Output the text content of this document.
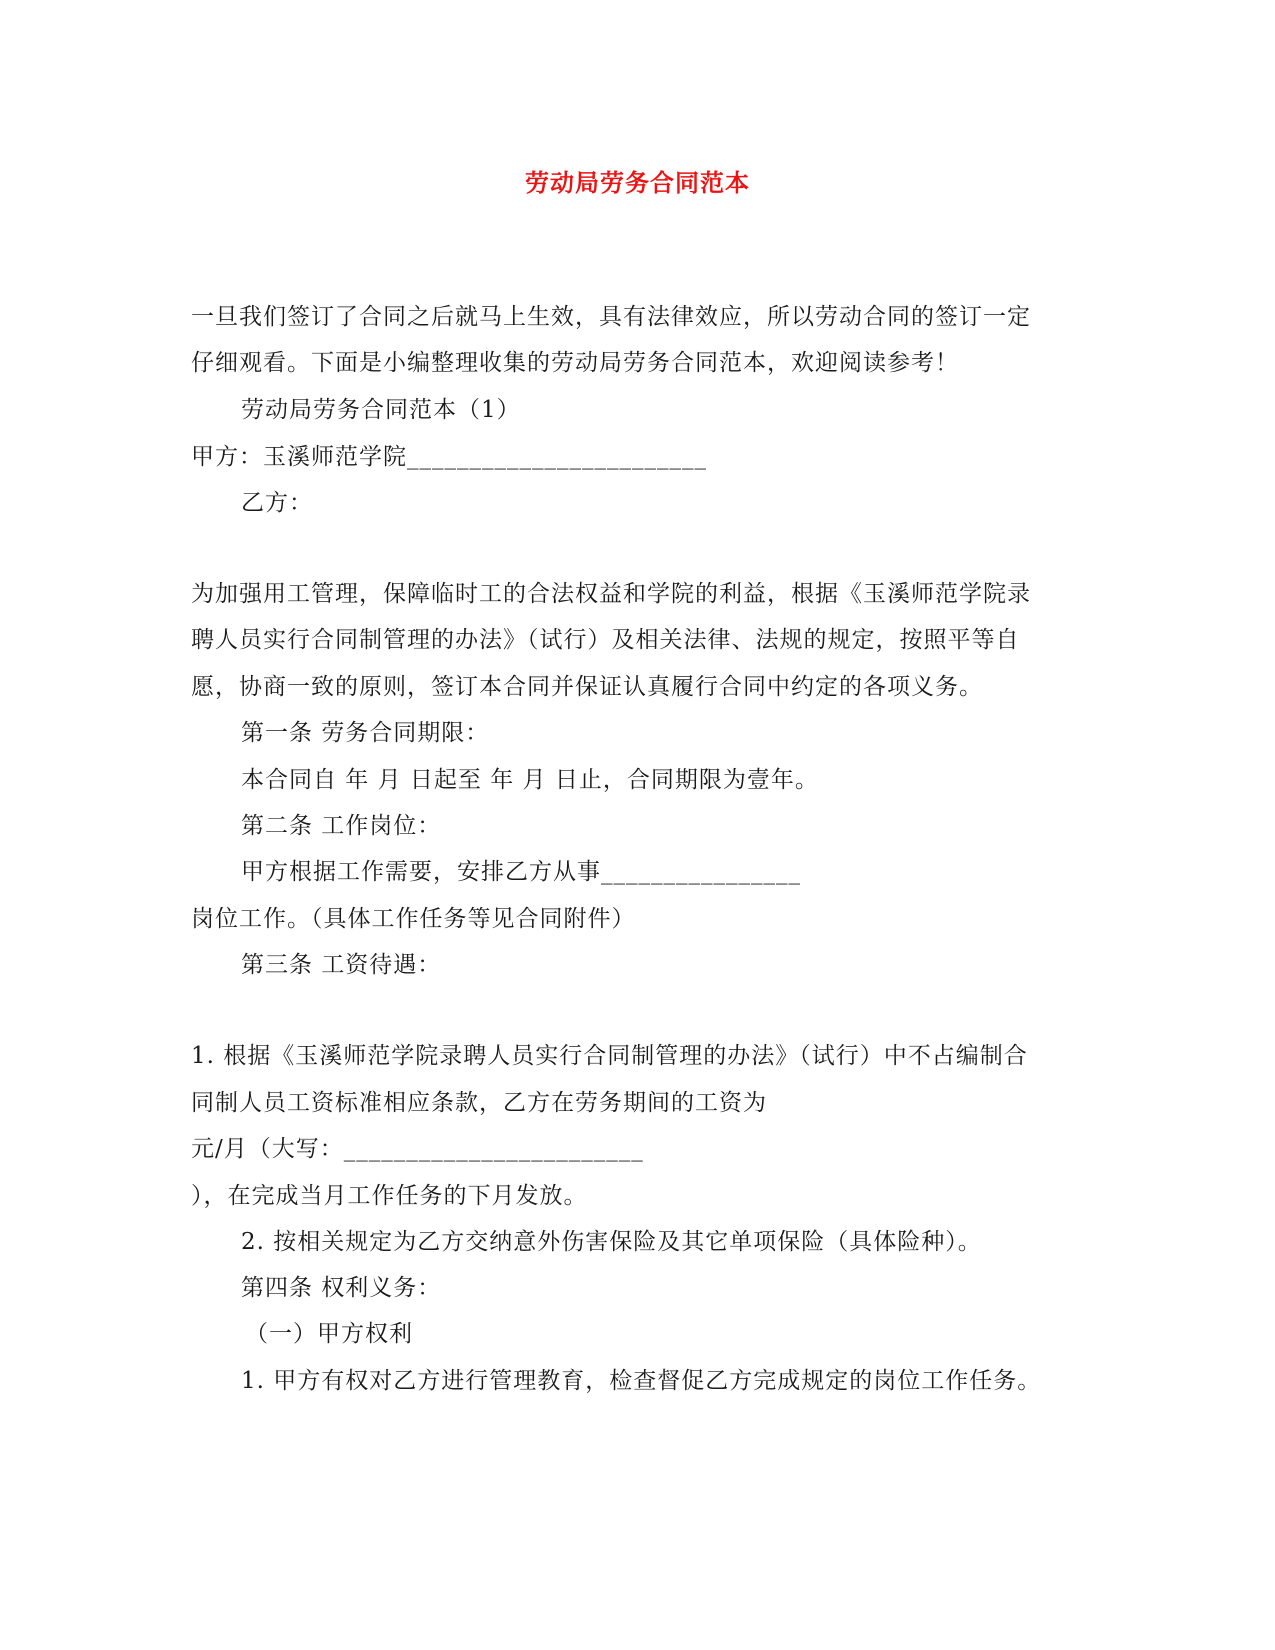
劳动局劳务合同范本
一旦我们签订了合同之后就马上生效，具有法律效应，所以劳动合同的签订一定
仔细观看。下面是小编整理收集的劳动局劳务合同范本，欢迎阅读参考！
劳动局劳务合同范本（1）
甲方：玉溪师范学院________________________
乙方：
为加强用工管理，保障临时工的合法权益和学院的利益，根据《玉溪师范学院录
聘人员实行合同制管理的办法》（试行）及相关法律、法规的规定，按照平等自
愿，协商一致的原则，签订本合同并保证认真履行合同中约定的各项义务。
第一条 劳务合同期限：
本合同自 年 月 日起至 年 月 日止，合同期限为壹年。
第二条 工作岗位：
甲方根据工作需要，安排乙方从事________________
岗位工作。（具体工作任务等见合同附件）
第三条 工资待遇：
1. 根据《玉溪师范学院录聘人员实行合同制管理的办法》（试行）中不占编制合
同制人员工资标准相应条款，乙方在劳务期间的工资为
元/月（大写：________________________
），在完成当月工作任务的下月发放。
2. 按相关规定为乙方交纳意外伤害保险及其它单项保险（具体险种）。
第四条 权利义务：
（一）甲方权利
1. 甲方有权对乙方进行管理教育，检查督促乙方完成规定的岗位工作任务。
